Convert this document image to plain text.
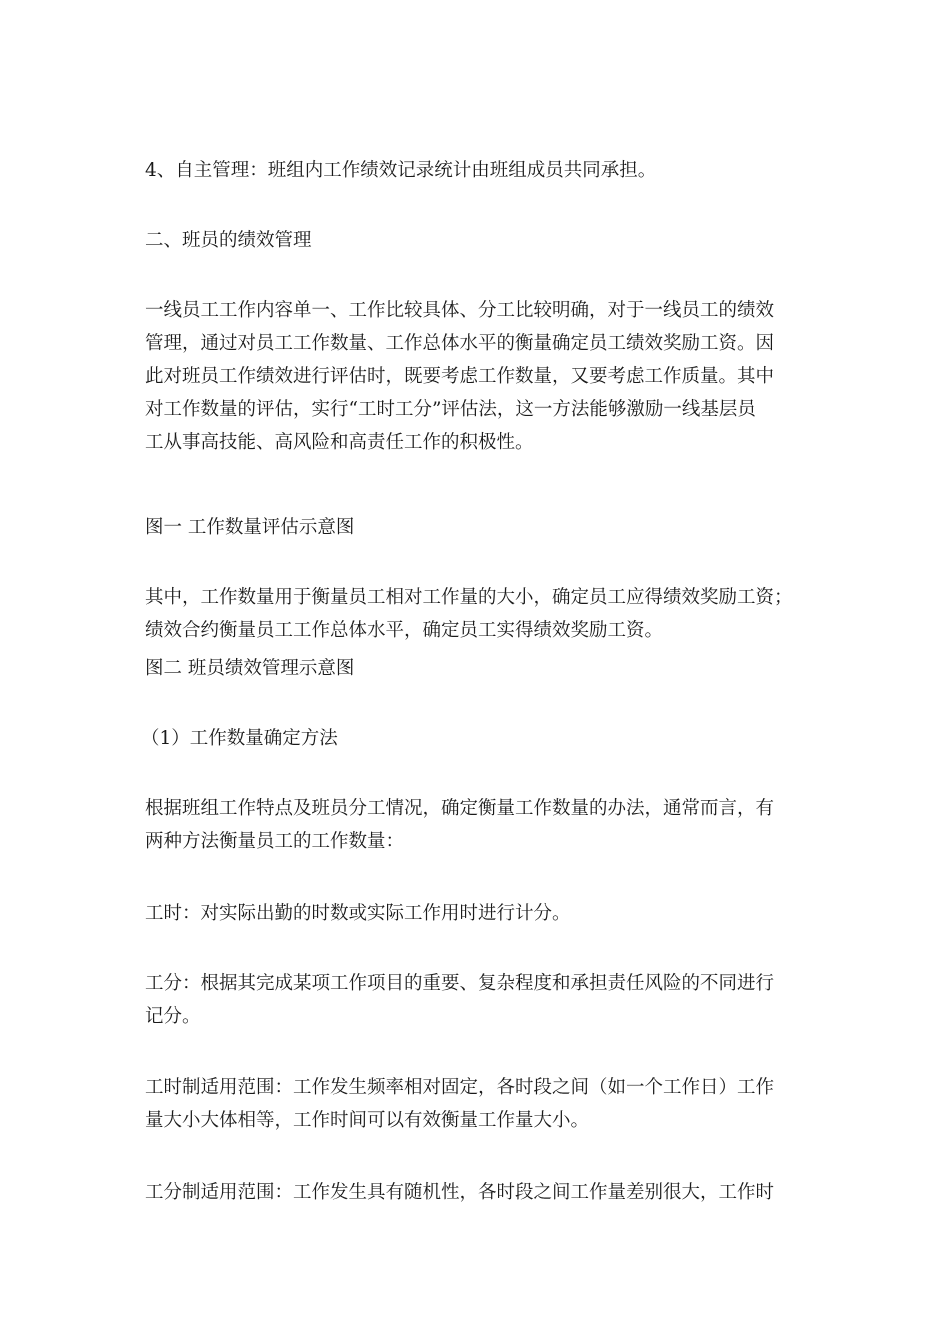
4、自主管理：班组内工作绩效记录统计由班组成员共同承担。

二、班员的绩效管理

一线员工工作内容单一、工作比较具体、分工比较明确，对于一线员工的绩效
管理，通过对员工工作数量、工作总体水平的衡量确定员工绩效奖励工资。因
此对班员工作绩效进行评估时，既要考虑工作数量，又要考虑工作质量。其中
对工作数量的评估，实行“工时工分”评估法，这一方法能够激励一线基层员
工从事高技能、高风险和高责任工作的积极性。

图一 工作数量评估示意图

其中，工作数量用于衡量员工相对工作量的大小，确定员工应得绩效奖励工资；
绩效合约衡量员工工作总体水平，确定员工实得绩效奖励工资。

图二 班员绩效管理示意图

（1）工作数量确定方法

根据班组工作特点及班员分工情况，确定衡量工作数量的办法，通常而言，有
两种方法衡量员工的工作数量：

工时：对实际出勤的时数或实际工作用时进行计分。

工分：根据其完成某项工作项目的重要、复杂程度和承担责任风险的不同进行
记分。

工时制适用范围：工作发生频率相对固定，各时段之间（如一个工作日）工作
量大小大体相等，工作时间可以有效衡量工作量大小。

工分制适用范围：工作发生具有随机性，各时段之间工作量差别很大，工作时
